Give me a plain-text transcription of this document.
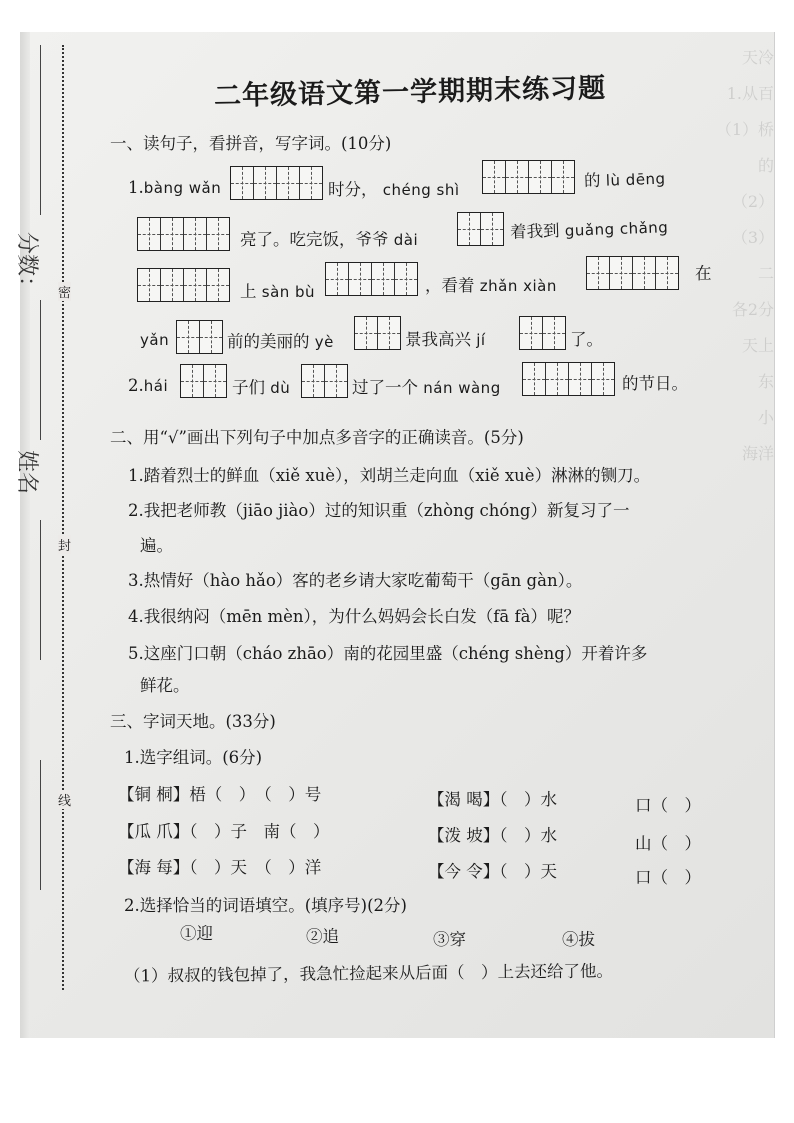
天冷
1.从百
（1）桥
的
（2）
（3）
二
各2分
天上
东
小
海洋
分数：
姓名
密
封
线
二年级语文第一学期期末练习题
一、读句子，看拼音，写字词。(10分)
1.bàng wǎn	时分， chéng shì	的 lù dēng
亮了。吃完饭，爷爷 dài	着我到 guǎng chǎng
上 sàn bù	，看着 zhǎn xiàn
在
yǎn	前的美丽的 yè	景我高兴 jí	了。
2.hái	子们 dù	过了一个 nán wàng	的节日。
二、用“√”画出下列句子中加点多音字的正确读音。(5分)
1.踏着烈士的鲜血（xiě xuè），刘胡兰走向血（xiě xuè）淋淋的铡刀。
2.我把老师教（jiāo jiào）过的知识重（zhòng chóng）新复习了一
遍。
3.热情好（hào hǎo）客的老乡请大家吃葡萄干（gān gàn）。
4.我很纳闷（mēn mèn），为什么妈妈会长白发（fā fà）呢？
5.这座门口朝（cháo zhāo）南的花园里盛（chéng shèng）开着许多
鲜花。
三、字词天地。(33分)
1.选字组词。(6分)
【铜 桐】梧（　）　（　）号	【渴 喝】（　）水	口（　）
【瓜 爪】（　）子　南（　）	【泼 坡】（　）水	山（　）
【海 每】（　）天　（　）洋	【今 令】（　）天	口（　）
2.选择恰当的词语填空。(填序号)(2分)
①迎	②追	③穿	④拔
（1）叔叔的钱包掉了，我急忙捡起来从后面（　）上去还给了他。
